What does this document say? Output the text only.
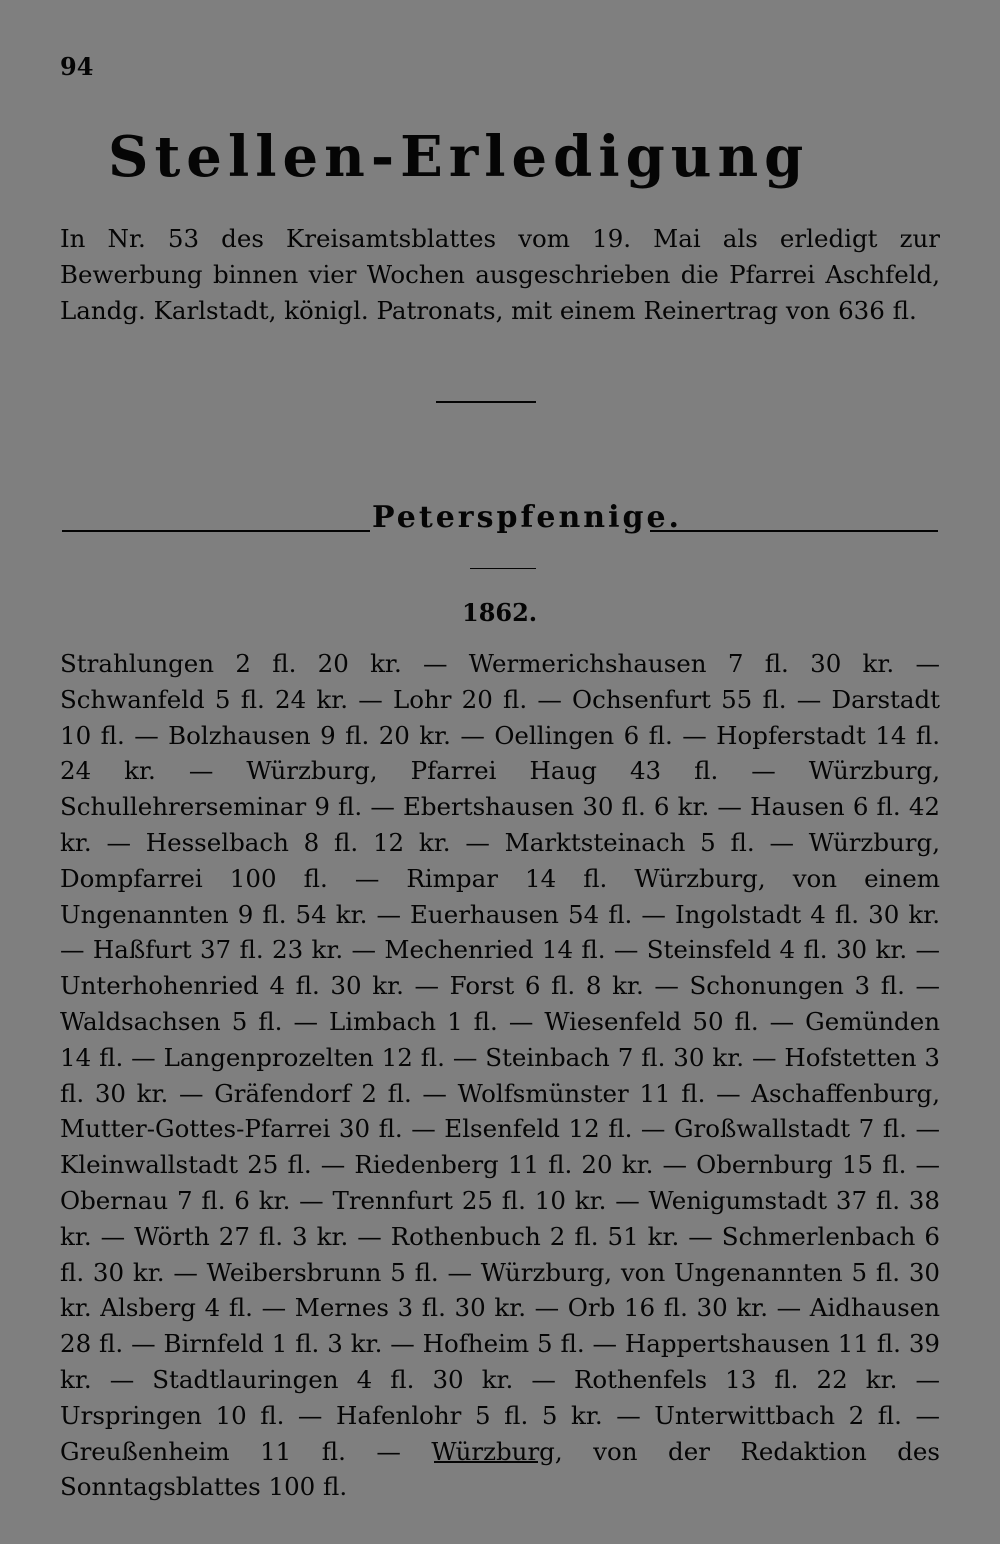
94
Stellen-Erledigung
In Nr. 53 des Kreisamtsblattes vom 19. Mai als erledigt zur Bewerbung binnen vier Wochen ausgeschrieben die Pfarrei Aschfeld, Landg. Karlstadt, königl. Patronats, mit einem Reinertrag von 636 fl.
Peterspfennige.
1862.
Strahlungen 2 fl. 20 kr. — Wermerichshausen 7 fl. 30 kr. — Schwanfeld 5 fl. 24 kr. — Lohr 20 fl. — Ochsenfurt 55 fl. — Darstadt 10 fl. — Bolzhausen 9 fl. 20 kr. — Oellingen 6 fl. — Hopferstadt 14 fl. 24 kr. — Würzburg, Pfarrei Haug 43 fl. — Würzburg, Schullehrerseminar 9 fl. — Ebertshausen 30 fl. 6 kr. — Hausen 6 fl. 42 kr. — Hesselbach 8 fl. 12 kr. — Marktsteinach 5 fl. — Würzburg, Dompfarrei 100 fl. — Rimpar 14 fl. Würzburg, von einem Ungenannten 9 fl. 54 kr. — Euerhausen 54 fl. — Ingolstadt 4 fl. 30 kr. — Haßfurt 37 fl. 23 kr. — Mechenried 14 fl. — Steinsfeld 4 fl. 30 kr. — Unterhohenried 4 fl. 30 kr. — Forst 6 fl. 8 kr. — Schonungen 3 fl. — Waldsachsen 5 fl. — Limbach 1 fl. — Wiesenfeld 50 fl. — Gemünden 14 fl. — Langenprozelten 12 fl. — Steinbach 7 fl. 30 kr. — Hofstetten 3 fl. 30 kr. — Gräfendorf 2 fl. — Wolfsmünster 11 fl. — Aschaffenburg, Mutter-Gottes-Pfarrei 30 fl. — Elsenfeld 12 fl. — Großwallstadt 7 fl. — Kleinwallstadt 25 fl. — Riedenberg 11 fl. 20 kr. — Obernburg 15 fl. — Obernau 7 fl. 6 kr. — Trennfurt 25 fl. 10 kr. — Wenigumstadt 37 fl. 38 kr. — Wörth 27 fl. 3 kr. — Rothenbuch 2 fl. 51 kr. — Schmerlenbach 6 fl. 30 kr. — Weibersbrunn 5 fl. — Würzburg, von Ungenannten 5 fl. 30 kr. Alsberg 4 fl. — Mernes 3 fl. 30 kr. — Orb 16 fl. 30 kr. — Aidhausen 28 fl. — Birnfeld 1 fl. 3 kr. — Hofheim 5 fl. — Happertshausen 11 fl. 39 kr. — Stadtlauringen 4 fl. 30 kr. — Rothenfels 13 fl. 22 kr. — Urspringen 10 fl. — Hafenlohr 5 fl. 5 kr. — Unterwittbach 2 fl. — Greußenheim 11 fl. — Würzburg, von der Redaktion des Sonntagsblattes 100 fl.
